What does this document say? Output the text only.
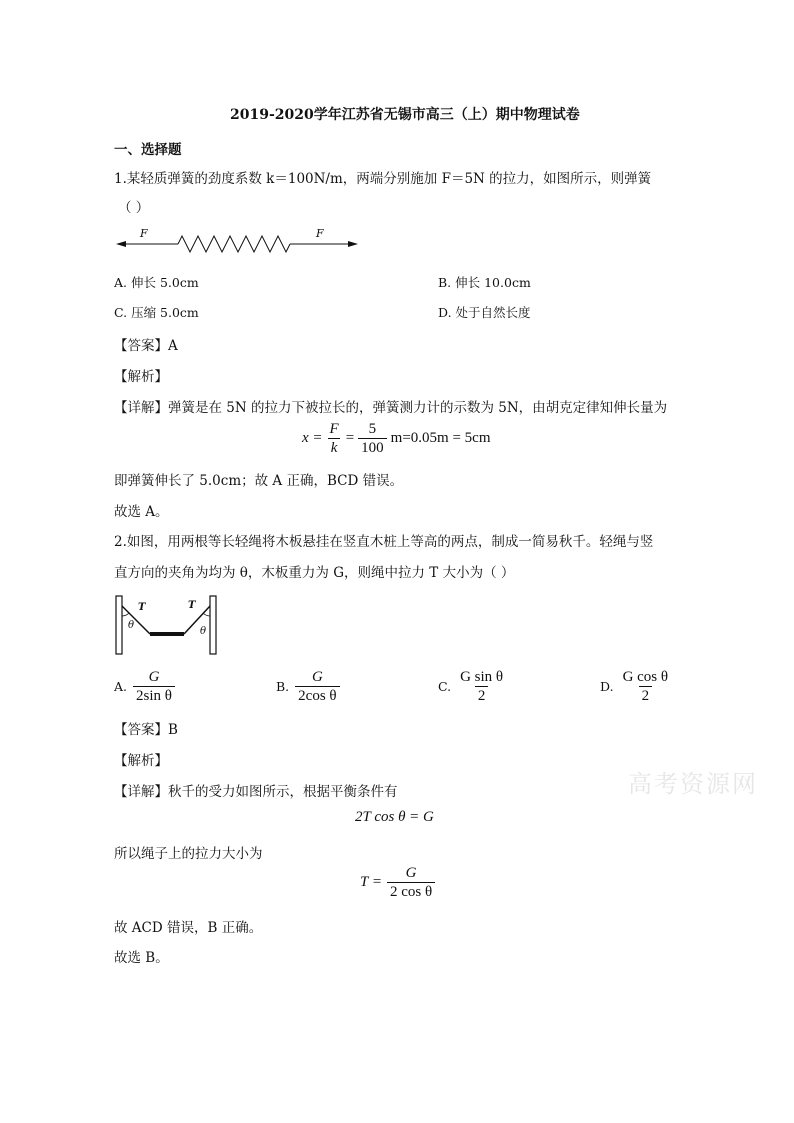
2019-2020学年江苏省无锡市高三（上）期中物理试卷
一、选择题
1.某轻质弹簧的劲度系数 k＝100N/m，两端分别施加 F＝5N 的拉力，如图所示，则弹簧
（ ）
F	F
A. 伸长 5.0cm	B. 伸长 10.0cm
C. 压缩 5.0cm	D. 处于自然长度
【答案】A
【解析】
【详解】弹簧是在 5N 的拉力下被拉长的，弹簧测力计的示数为 5N，由胡克定律知伸长量为
$x = \frac{F}{k} = \frac{5}{100} m=0.05m = 5cm$
即弹簧伸长了 5.0cm；故 A 正确，BCD 错误。
故选 A。
2.如图，用两根等长轻绳将木板悬挂在竖直木桩上等高的两点，制成一简易秋千。轻绳与竖
直方向的夹角为均为 θ，木板重力为 G，则绳中拉力 T 大小为（ ）
T	T
θ
θ
A. $\frac{G}{\text{2sin θ}}$	B. $\frac{G}{\text{2cos θ}}$	C. $\frac{\text{G sin θ}}{2}$	D. $\frac{\text{G cos θ}}{2}$
【答案】B
【解析】
【详解】秋千的受力如图所示，根据平衡条件有	高考资源网
2T cos θ = G
所以绳子上的拉力大小为
$T = \frac{G}{\text{2 cos θ}}$
故 ACD 错误，B 正确。
故选 B。
